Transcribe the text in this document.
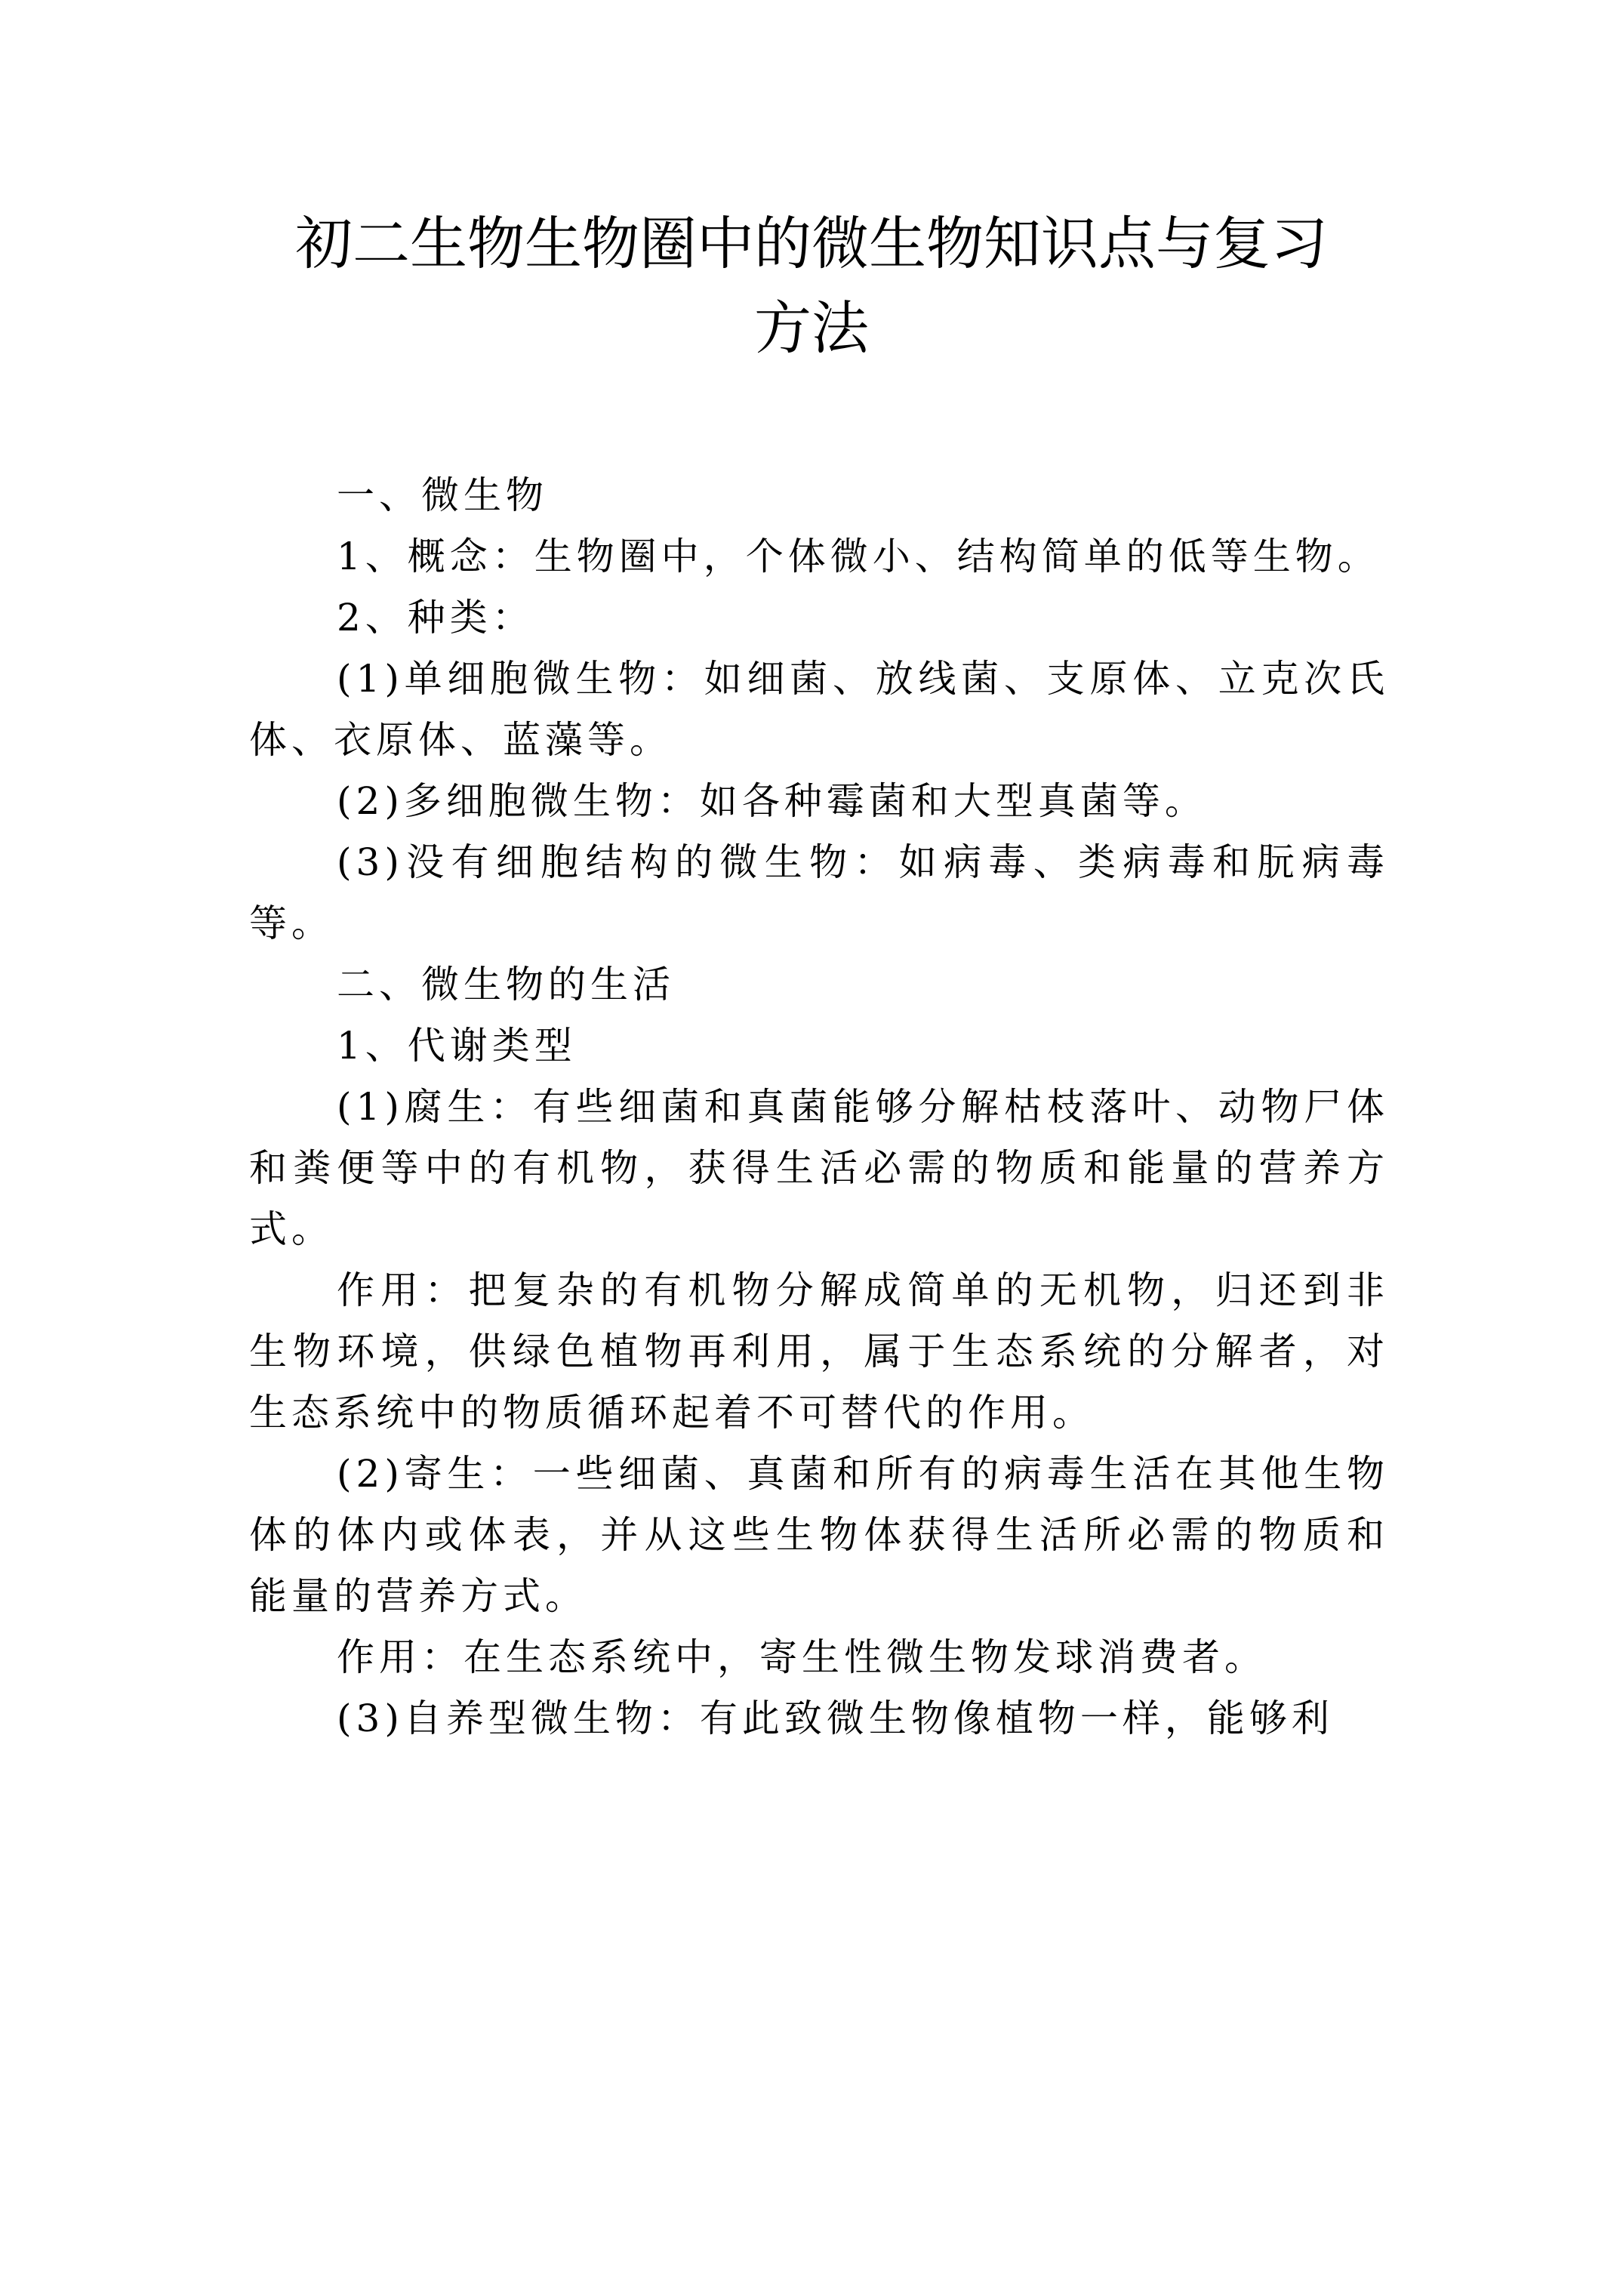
初二生物生物圈中的微生物知识点与复习
方法

一、微生物

1、概念：生物圈中，个体微小、结构简单的低等生物。

2、种类：

(1)单细胞微生物：如细菌、放线菌、支原体、立克次氏体、衣原体、蓝藻等。

(2)多细胞微生物：如各种霉菌和大型真菌等。

(3)没有细胞结构的微生物：如病毒、类病毒和朊病毒等。

二、微生物的生活

1、代谢类型

(1)腐生：有些细菌和真菌能够分解枯枝落叶、动物尸体和粪便等中的有机物，获得生活必需的物质和能量的营养方式。

作用：把复杂的有机物分解成简单的无机物，归还到非生物环境，供绿色植物再利用，属于生态系统的分解者，对生态系统中的物质循环起着不可替代的作用。

(2)寄生：一些细菌、真菌和所有的病毒生活在其他生物体的体内或体表，并从这些生物体获得生活所必需的物质和能量的营养方式。

作用：在生态系统中，寄生性微生物发球消费者。

(3)自养型微生物：有此致微生物像植物一样，能够利
